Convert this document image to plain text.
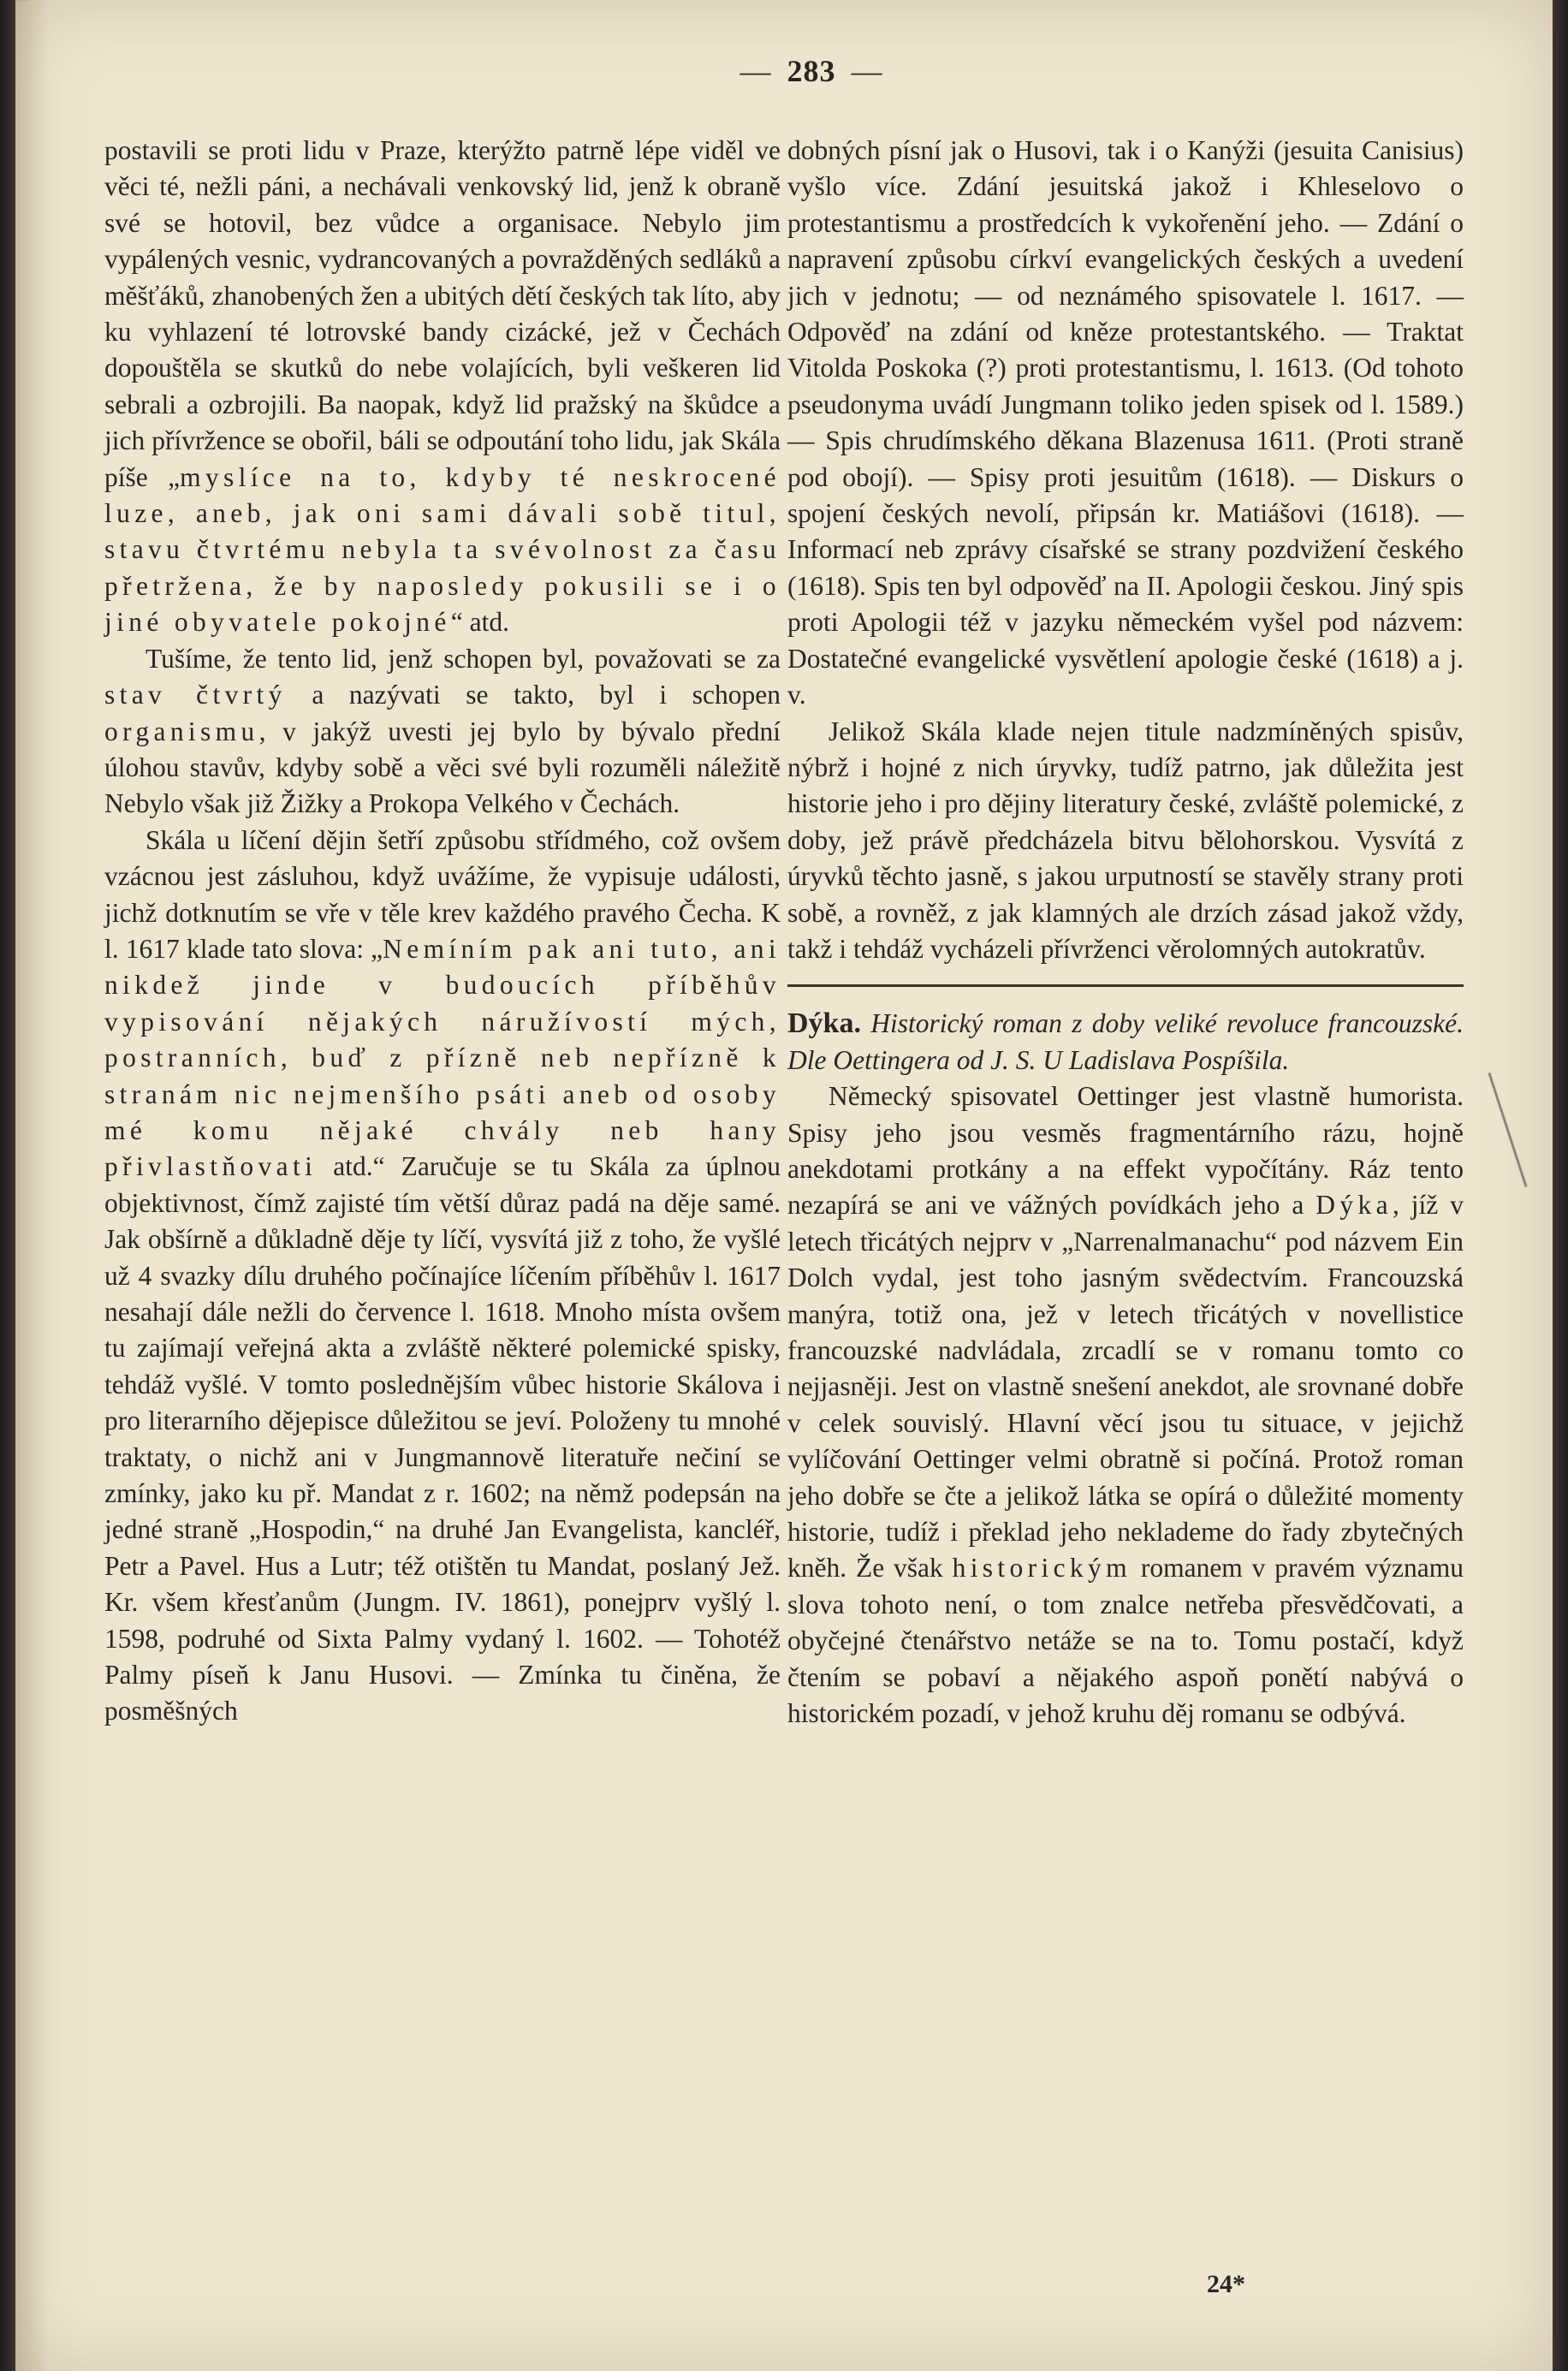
— 283 —

postavili se proti lidu v Praze, kterýžto patrně lépe viděl ve věci té, nežli páni, a nechávali venkovský lid, jenž k obraně své se hotovil, bez vůdce a organisace. Nebylo jim vypálených vesnic, vydrancovaných a povražděných sedláků a měšťáků, zhanobených žen a ubitých dětí českých tak líto, aby ku vyhlazení té lotrovské bandy cizácké, jež v Čechách dopouštěla se skutků do nebe volajících, byli veškeren lid sebrali a ozbrojili. Ba naopak, když lid pražský na škůdce a jich přívržence se obořil, báli se odpoutání toho lidu, jak Skála píše „myslíce na to, kdyby té neskrocené luze, aneb, jak oni sami dávali sobě titul, stavu čtvrtému nebyla ta svévolnost za času přetržena, že by naposledy pokusili se i o jiné obyvatele pokojné“ atd.

Tušíme, že tento lid, jenž schopen byl, považovati se za stav čtvrtý a nazývati se takto, byl i schopen organismu, v jakýž uvesti jej bylo by bývalo přední úlohou stavův, kdyby sobě a věci své byli rozuměli náležitě Nebylo však již Žižky a Prokopa Velkého v Čechách.

Skála u líčení dějin šetří způsobu střídmého, což ovšem vzácnou jest zásluhou, když uvážíme, že vypisuje události, jichž dotknutím se vře v těle krev každého pravého Čecha. K l. 1617 klade tato slova: „Nemíním pak ani tuto, ani nikdež jinde v budoucích příběhův vypisování nějakých náružívostí mých, postranních, buď z přízně neb nepřízně k stranám nic nejmenšího psáti aneb od osoby mé komu nějaké chvály neb hany přivlastňovati atd.“ Zaručuje se tu Skála za úplnou objektivnost, čímž zajisté tím větší důraz padá na děje samé. Jak obšírně a důkladně děje ty líčí, vysvítá již z toho, že vyšlé už 4 svazky dílu druhého počínajíce líčením příběhův l. 1617 nesahají dále nežli do července l. 1618. Mnoho místa ovšem tu zajímají veřejná akta a zvláště některé polemické spisky, tehdáž vyšlé. V tomto poslednějším vůbec historie Skálova i pro literarního dějepisce důležitou se jeví. Položeny tu mnohé traktaty, o nichž ani v Jungmannově literatuře nečiní se zmínky, jako ku př. Mandat z r. 1602; na němž podepsán na jedné straně „Hospodin,“ na druhé Jan Evangelista, kancléř, Petr a Pavel. Hus a Lutr; též otištěn tu Mandat, poslaný Jež. Kr. všem křesťanům (Jungm. IV. 1861), ponejprv vyšlý l. 1598, podruhé od Sixta Palmy vydaný l. 1602. — Tohotéž Palmy píseň k Janu Husovi. — Zmínka tu činěna, že posměšných

dobných písní jak o Husovi, tak i o Kanýži (jesuita Canisius) vyšlo více. Zdání jesuitská jakož i Khleselovo o protestantismu a prostředcích k vykořenění jeho. — Zdání o napravení způsobu církví evangelických českých a uvedení jich v jednotu; — od neznámého spisovatele l. 1617. — Odpověď na zdání od kněze protestantského. — Traktat Vitolda Poskoka (?) proti protestantismu, l. 1613. (Od tohoto pseudonyma uvádí Jungmann toliko jeden spisek od l. 1589.) — Spis chrudímského děkana Blazenusa 1611. (Proti straně pod obojí). — Spisy proti jesuitům (1618). — Diskurs o spojení českých nevolí, připsán kr. Matiášovi (1618). — Informací neb zprávy císařské se strany pozdvižení českého (1618). Spis ten byl odpověď na II. Apologii českou. Jiný spis proti Apologii též v jazyku německém vyšel pod názvem: Dostatečné evangelické vysvětlení apologie české (1618) a j. v.

Jelikož Skála klade nejen titule nadzmíněných spisův, nýbrž i hojné z nich úryvky, tudíž patrno, jak důležita jest historie jeho i pro dějiny literatury české, zvláště polemické, z doby, jež právě předcházela bitvu bělohorskou. Vysvítá z úryvků těchto jasně, s jakou urputností se stavěly strany proti sobě, a rovněž, z jak klamných ale drzích zásad jakož vždy, takž i tehdáž vycházeli přívrženci věrolomných autokratův.

Dýka. Historický roman z doby veliké revoluce francouzské. Dle Oettingera od J. S. U Ladislava Pospíšila.

Německý spisovatel Oettinger jest vlastně humorista. Spisy jeho jsou vesměs fragmentárního rázu, hojně anekdotami protkány a na effekt vypočítány. Ráz tento nezapírá se ani ve vážných povídkách jeho a Dýka, jíž v letech třicátých nejprv v „Narrenalmanachu“ pod názvem Ein Dolch vydal, jest toho jasným svědectvím. Francouzská manýra, totiž ona, jež v letech třicátých v novellistice francouzské nadvládala, zrcadlí se v romanu tomto co nejjasněji. Jest on vlastně snešení anekdot, ale srovnané dobře v celek souvislý. Hlavní věcí jsou tu situace, v jejichž vylíčování Oettinger velmi obratně si počíná. Protož roman jeho dobře se čte a jelikož látka se opírá o důležité momenty historie, tudíž i překlad jeho neklademe do řady zbytečných kněh. Že však historickým romanem v pravém významu slova tohoto není, o tom znalce netřeba přesvědčovati, a obyčejné čtenářstvo netáže se na to. Tomu postačí, když čtením se pobaví a nějakého aspoň ponětí nabývá o historickém pozadí, v jehož kruhu děj romanu se odbývá.

24*
